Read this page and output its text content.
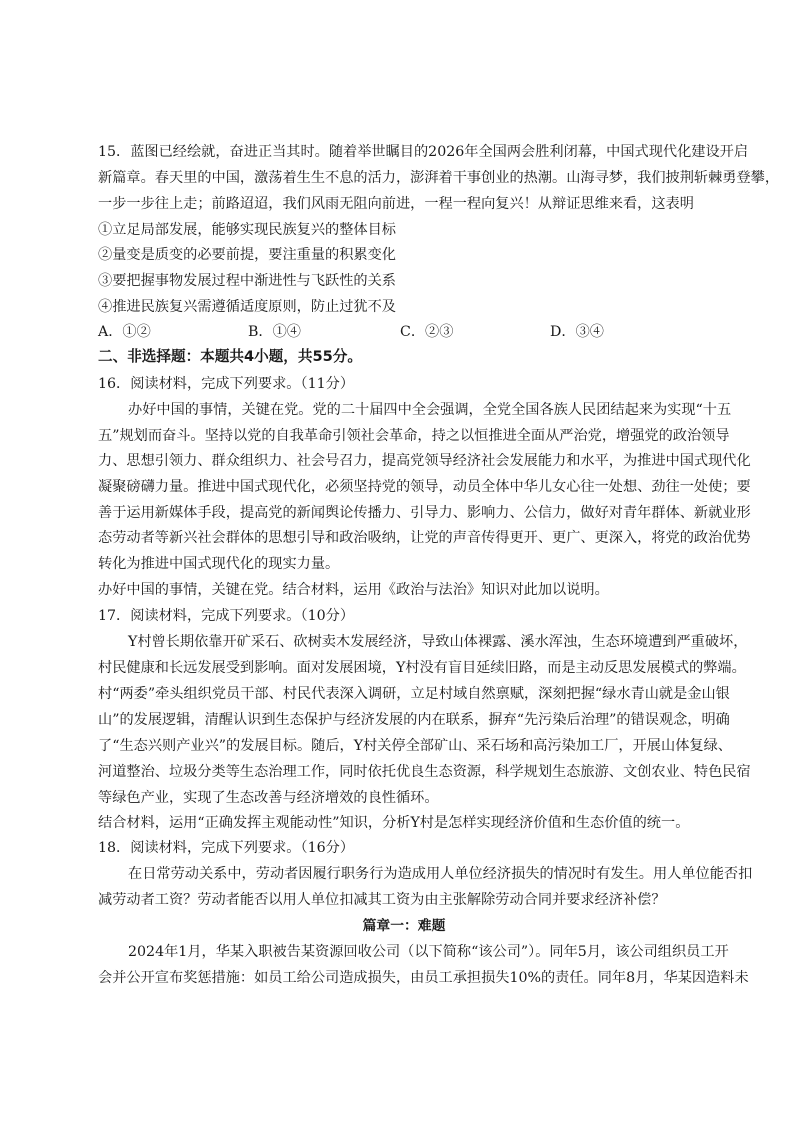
15．蓝图已经绘就，奋进正当其时。随着举世瞩目的2026年全国两会胜利闭幕，中国式现代化建设开启
新篇章。春天里的中国，激荡着生生不息的活力，澎湃着干事创业的热潮。山海寻梦，我们披荆斩棘勇登攀，
一步一步往上走；前路迢迢，我们风雨无阻向前进，一程一程向复兴！从辩证思维来看，这表明
①立足局部发展，能够实现民族复兴的整体目标
②量变是质变的必要前提，要注重量的积累变化
③要把握事物发展过程中渐进性与飞跃性的关系
④推进民族复兴需遵循适度原则，防止过犹不及
A．①②	B．①④	C．②③	D．③④
二、非选择题：本题共4小题，共55分。
16．阅读材料，完成下列要求。（11分）
办好中国的事情，关键在党。党的二十届四中全会强调，全党全国各族人民团结起来为实现“十五
五”规划而奋斗。坚持以党的自我革命引领社会革命，持之以恒推进全面从严治党，增强党的政治领导
力、思想引领力、群众组织力、社会号召力，提高党领导经济社会发展能力和水平，为推进中国式现代化
凝聚磅礴力量。推进中国式现代化，必须坚持党的领导，动员全体中华儿女心往一处想、劲往一处使；要
善于运用新媒体手段，提高党的新闻舆论传播力、引导力、影响力、公信力，做好对青年群体、新就业形
态劳动者等新兴社会群体的思想引导和政治吸纳，让党的声音传得更开、更广、更深入，将党的政治优势
转化为推进中国式现代化的现实力量。
办好中国的事情，关键在党。结合材料，运用《政治与法治》知识对此加以说明。
17．阅读材料，完成下列要求。（10分）
Y村曾长期依靠开矿采石、砍树卖木发展经济，导致山体裸露、溪水浑浊，生态环境遭到严重破坏，
村民健康和长远发展受到影响。面对发展困境，Y村没有盲目延续旧路，而是主动反思发展模式的弊端。
村“两委”牵头组织党员干部、村民代表深入调研，立足村域自然禀赋，深刻把握“绿水青山就是金山银
山”的发展逻辑，清醒认识到生态保护与经济发展的内在联系，摒弃“先污染后治理”的错误观念，明确
了“生态兴则产业兴”的发展目标。随后，Y村关停全部矿山、采石场和高污染加工厂，开展山体复绿、
河道整治、垃圾分类等生态治理工作，同时依托优良生态资源，科学规划生态旅游、文创农业、特色民宿
等绿色产业，实现了生态改善与经济增效的良性循环。
结合材料，运用“正确发挥主观能动性”知识，分析Y村是怎样实现经济价值和生态价值的统一。
18．阅读材料，完成下列要求。（16分）
在日常劳动关系中，劳动者因履行职务行为造成用人单位经济损失的情况时有发生。用人单位能否扣
减劳动者工资？劳动者能否以用人单位扣减其工资为由主张解除劳动合同并要求经济补偿？
篇章一：难题
2024年1月，华某入职被告某资源回收公司（以下简称“该公司”）。同年5月，该公司组织员工开
会并公开宣布奖惩措施：如员工给公司造成损失，由员工承担损失10%的责任。同年8月，华某因造料未
